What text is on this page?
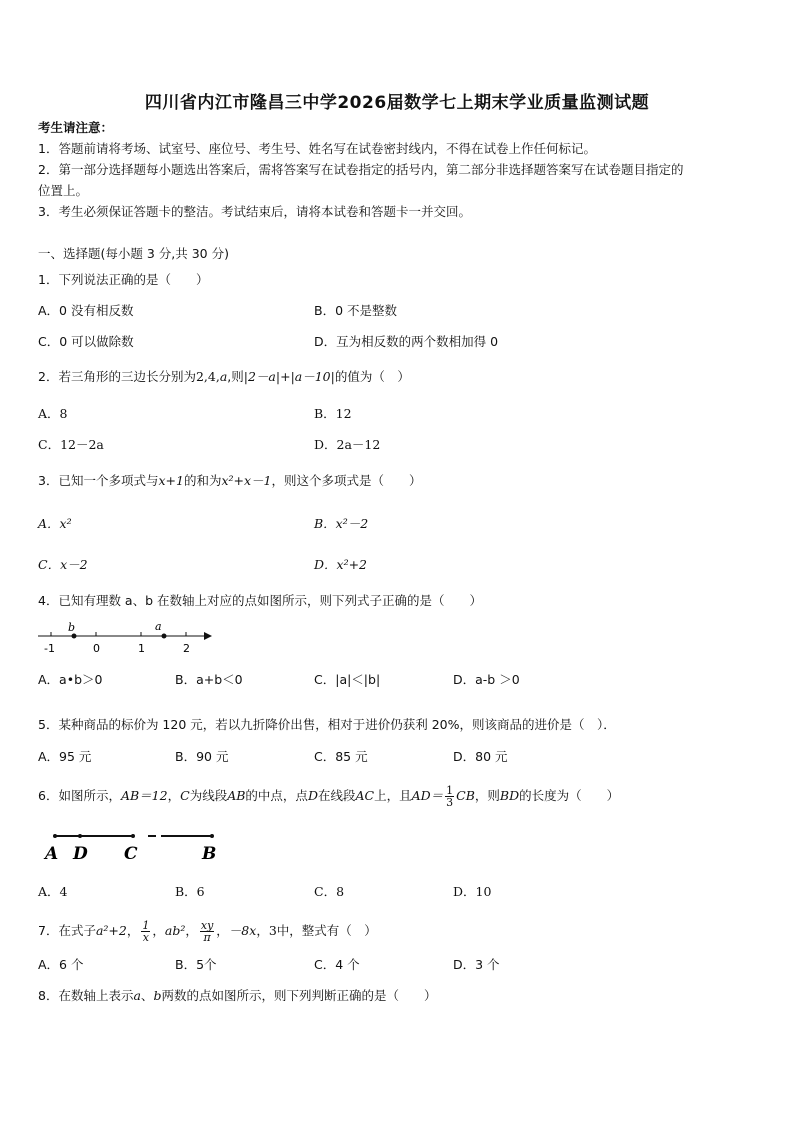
四川省内江市隆昌三中学2026届数学七上期末学业质量监测试题
考生请注意：
1．答题前请将考场、试室号、座位号、考生号、姓名写在试卷密封线内，不得在试卷上作任何标记。
2．第一部分选择题每小题选出答案后，需将答案写在试卷指定的括号内，第二部分非选择题答案写在试卷题目指定的
位置上。
3．考生必须保证答题卡的整洁。考试结束后，请将本试卷和答题卡一并交回。
一、选择题(每小题 3 分,共 30 分)
1．下列说法正确的是（　　）
A．0 没有相反数	B．0 不是整数
C．0 可以做除数	D．互为相反数的两个数相加得 0
2．若三角形的三边长分别为2,4,a,则|2－a|+|a－10|的值为（　）
A．8	B．12
C．12－2a	D．2a－12
3．已知一个多项式与x+1的和为x²+x－1，则这个多项式是（　　）
A．x²	B．x²－2
C．x－2	D．x²+2
4．已知有理数 a、b 在数轴上对应的点如图所示，则下列式子正确的是（　　）
b	a
-1	0	1	2
A．a•b＞0	B．a+b＜0	C．|a|＜|b|	D．a-b ＞0
5．某种商品的标价为 120 元，若以九折降价出售，相对于进价仍获利 20%，则该商品的进价是（　）．
A．95 元	B．90 元	C．85 元	D．80 元
6．如图所示，AB＝12，C为线段AB的中点，点D在线段AC上，且$AD= \frac{1}{3}$ CB，则BD的长度为（　　）
A D C	B
A．4	B．6	C．8	D．10
7．在式子a²+2， $\frac{1}{x}$ ，ab²， $\frac{xy}{\pi}$ ，－8x，3中，整式有（　）
A．6 个	B．5个	C．4 个	D．3 个
8．在数轴上表示a、b两数的点如图所示，则下列判断正确的是（　　）
